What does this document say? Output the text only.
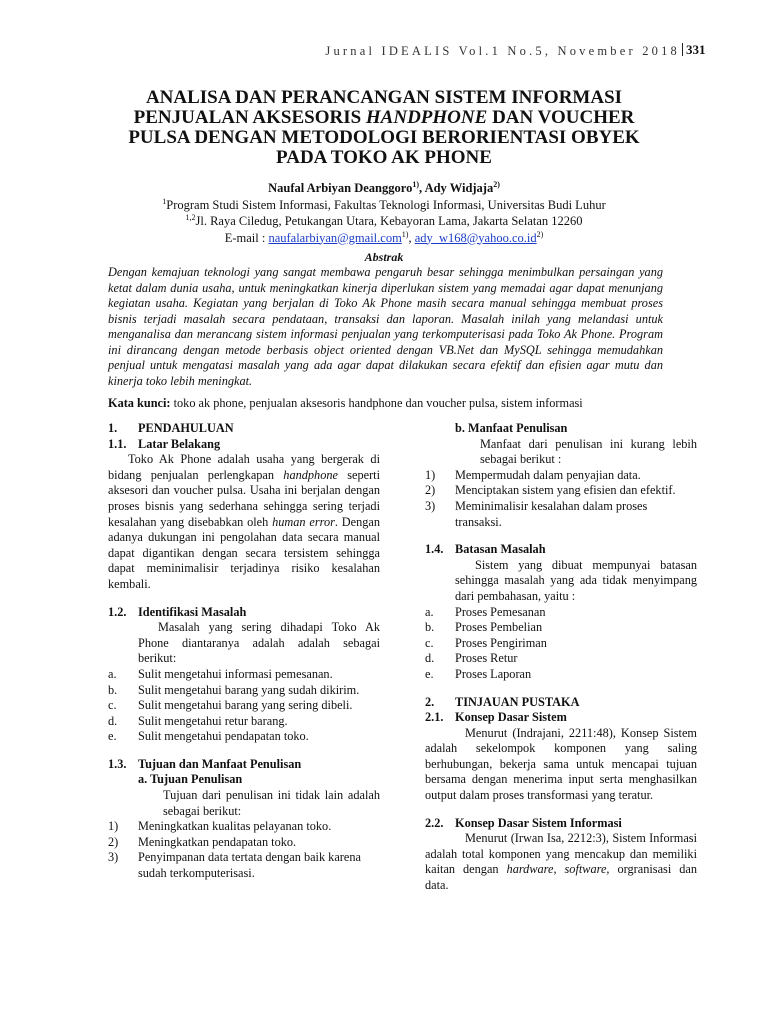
Jurnal IDEALIS Vol.1 No.5, November 2018 331
ANALISA DAN PERANCANGAN SISTEM INFORMASI PENJUALAN AKSESORIS HANDPHONE DAN VOUCHER PULSA DENGAN METODOLOGI BERORIENTASI OBYEK PADA TOKO AK PHONE
Naufal Arbiyan Deanggoro$^{1)}$, Ady Widjaja$^{2)}$
$^1$Program Studi Sistem Informasi, Fakultas Teknologi Informasi, Universitas Budi Luhur
$^{1,2}$Jl. Raya Ciledug, Petukangan Utara, Kebayoran Lama, Jakarta Selatan 12260
E-mail : naufalarbiyan@gmail.com$^{1)}$, $ady\_w168@yahoo.co.id^{2)}$
Abstrak

Dengan kemajuan teknologi yang sangat membawa pengaruh besar sehingga menimbulkan persaingan yang ketat dalam dunia usaha, untuk meningkatkan kinerja diperlukan sistem yang memadai agar dapat menunjang kegiatan usaha. Kegiatan yang berjalan di Toko Ak Phone masih secara manual sehingga membuat proses bisnis terjadi masalah secara pendataan, transaksi dan laporan. Masalah inilah yang melandasi untuk menganalisa dan merancang sistem informasi penjualan yang terkomputerisasi pada Toko Ak Phone. Program ini dirancang dengan metode berbasis object oriented dengan VB.Net dan MySQL sehingga memudahkan penjual untuk mengatasi masalah yang ada agar dapat dilakukan secara efektif dan efisien agar mutu dan kinerja toko lebih meningkat.

Kata kunci: toko ak phone, penjualan aksesoris handphone dan voucher pulsa, sistem informasi
1.	PENDAHULUAN
1.1. Latar Belakang

Toko Ak Phone adalah usaha yang bergerak di bidang penjualan perlengkapan handphone seperti aksesori dan voucher pulsa. Usaha ini berjalan dengan proses bisnis yang sederhana sehingga sering terjadi kesalahan yang disebabkan oleh human error. Dengan adanya dukungan ini pengolahan data secara manual dapat digantikan dengan secara tersistem sehingga dapat meminimalisir terjadinya risiko kesalahan kembali.

1.2. Identifikasi Masalah

Masalah yang sering dihadapi Toko Ak Phone diantaranya adalah adalah sebagai berikut:

a.	Sulit mengetahui informasi pemesanan.
b.	Sulit mengetahui barang yang sudah dikirim.
c.	Sulit mengetahui barang yang sering dibeli.
d.	Sulit mengetahui retur barang.
e.	Sulit mengetahui pendapatan toko.
1.3. Tujuan dan Manfaat Penulisan
a. Tujuan Penulisan

Tujuan dari penulisan ini tidak lain adalah sebagai berikut:

1)	Meningkatkan kualitas pelayanan toko.
2)	Meningkatkan pendapatan toko.
3)	Penyimpanan data tertata dengan baik karena sudah terkomputerisasi.
b. Manfaat Penulisan

Manfaat dari penulisan ini kurang lebih sebagai berikut :

1)	Mempermudah dalam penyajian data.
2)	Menciptakan sistem yang efisien dan efektif.
3)	Meminimalisir kesalahan dalam proses transaksi.
1.4. Batasan Masalah

Sistem yang dibuat mempunyai batasan sehingga masalah yang ada tidak menyimpang dari pembahasan, yaitu :

a.	Proses Pemesanan
b.	Proses Pembelian
c.	Proses Pengiriman
d.	Proses Retur
e.	Proses Laporan
2.	TINJAUAN PUSTAKA
2.1. Konsep Dasar Sistem

Menurut (Indrajani, 2211:48), Konsep Sistem adalah sekelompok komponen yang saling berhubungan, bekerja sama untuk mencapai tujuan bersama dengan menerima input serta menghasilkan output dalam proses transformasi yang teratur.

2.2. Konsep Dasar Sistem Informasi

Menurut (Irwan Isa, 2212:3), Sistem Informasi adalah total komponen yang mencakup dan memiliki kaitan dengan hardware, software, orgranisasi dan data.
